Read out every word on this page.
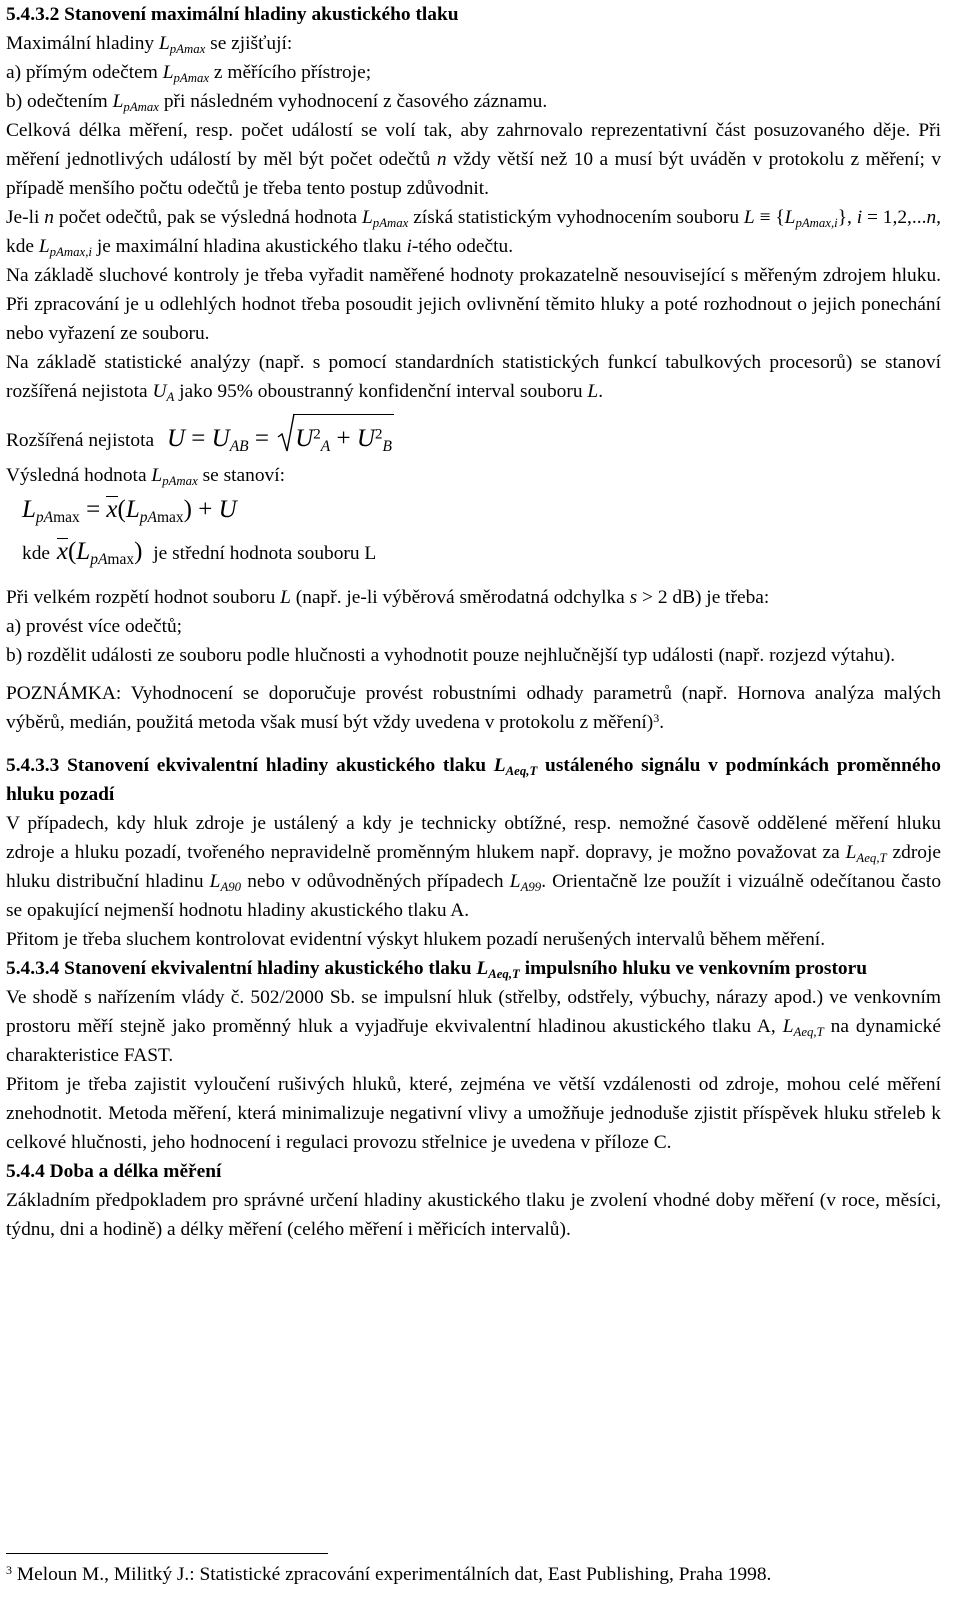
5.4.3.2 Stanovení maximální hladiny akustického tlaku

Maximální hladiny $L_{pAmax}$ se zjišťují:

a) přímým odečtem $L_{pAmax}$ z měřícího přístroje;

b) odečtením $L_{pAmax}$ při následném vyhodnocení z časového záznamu.

Celková délka měření, resp. počet událostí se volí tak, aby zahrnovalo reprezentativní část posuzovaného děje. Při měření jednotlivých událostí by měl být počet odečtů n vždy větší než 10 a musí být uváděn v protokolu z měření; v případě menšího počtu odečtů je třeba tento postup zdůvodnit.

Je-li n počet odečtů, pak se výsledná hodnota $L_{pAmax}$ získá statistickým vyhodnocením souboru $L \equiv \{L_{pAmax,i}\}$, i = 1,2,...n, kde $L_{pAmax,i}$ je maximální hladina akustického tlaku i-tého odečtu.

Na základě sluchové kontroly je třeba vyřadit naměřené hodnoty prokazatelně nesouvisející s měřeným zdrojem hluku. Při zpracování je u odlehlých hodnot třeba posoudit jejich ovlivnění těmito hluky a poté rozhodnout o jejich ponechání nebo vyřazení ze souboru.

Na základě statistické analýzy (např. s pomocí standardních statistických funkcí tabulkových procesorů) se stanoví rozšířená nejistota $U_A$ jako 95% oboustranný konfidenční interval souboru L.

Rozšířená nejistota $U = U_{AB} = U^2_A + U^2_B$

Výsledná hodnota $L_{pAmax}$ se stanoví:

$L_{pAmax} = x(L_{pAmax}) + U$

kde $x(L_{pAmax})$ je střední hodnota souboru L

Při velkém rozpětí hodnot souboru L (např. je-li výběrová směrodatná odchylka s > 2 dB) je třeba:

a) provést více odečtů;

b) rozdělit události ze souboru podle hlučnosti a vyhodnotit pouze nejhlučnější typ události (např. rozjezd výtahu).

POZNÁMKA: Vyhodnocení se doporučuje provést robustními odhady parametrů (např. Hornova analýza malých výběrů, medián, použitá metoda však musí být vždy uvedena v protokolu z měření)$^3$.

5.4.3.3 Stanovení ekvivalentní hladiny akustického tlaku $L_{Aeq,T}$ ustáleného signálu v podmínkách proměnného hluku pozadí

V případech, kdy hluk zdroje je ustálený a kdy je technicky obtížné, resp. nemožné časově oddělené měření hluku zdroje a hluku pozadí, tvořeného nepravidelně proměnným hlukem např. dopravy, je možno považovat za $L_{Aeq,T}$ zdroje hluku distribuční hladinu $L_{A90}$ nebo v odůvodněných případech $L_{A99}$. Orientačně lze použít i vizuálně odečítanou často se opakující nejmenší hodnotu hladiny akustického tlaku A.

Přitom je třeba sluchem kontrolovat evidentní výskyt hlukem pozadí nerušených intervalů během měření.

5.4.3.4 Stanovení ekvivalentní hladiny akustického tlaku $L_{Aeq,T}$ impulsního hluku ve venkovním prostoru

Ve shodě s nařízením vlády č. 502/2000 Sb. se impulsní hluk (střelby, odstřely, výbuchy, nárazy apod.) ve venkovním prostoru měří stejně jako proměnný hluk a vyjadřuje ekvivalentní hladinou akustického tlaku A, $L_{Aeq,T}$ na dynamické charakteristice FAST.

Přitom je třeba zajistit vyloučení rušivých hluků, které, zejména ve větší vzdálenosti od zdroje, mohou celé měření znehodnotit. Metoda měření, která minimalizuje negativní vlivy a umožňuje jednoduše zjistit příspěvek hluku střeleb k celkové hlučnosti, jeho hodnocení i regulaci provozu střelnice je uvedena v příloze C.

5.4.4 Doba a délka měření

Základním předpokladem pro správné určení hladiny akustického tlaku je zvolení vhodné doby měření (v roce, měsíci, týdnu, dni a hodině) a délky měření (celého měření i měřicích intervalů).

$^3$ Meloun M., Militký J.: Statistické zpracování experimentálních dat, East Publishing, Praha 1998.
